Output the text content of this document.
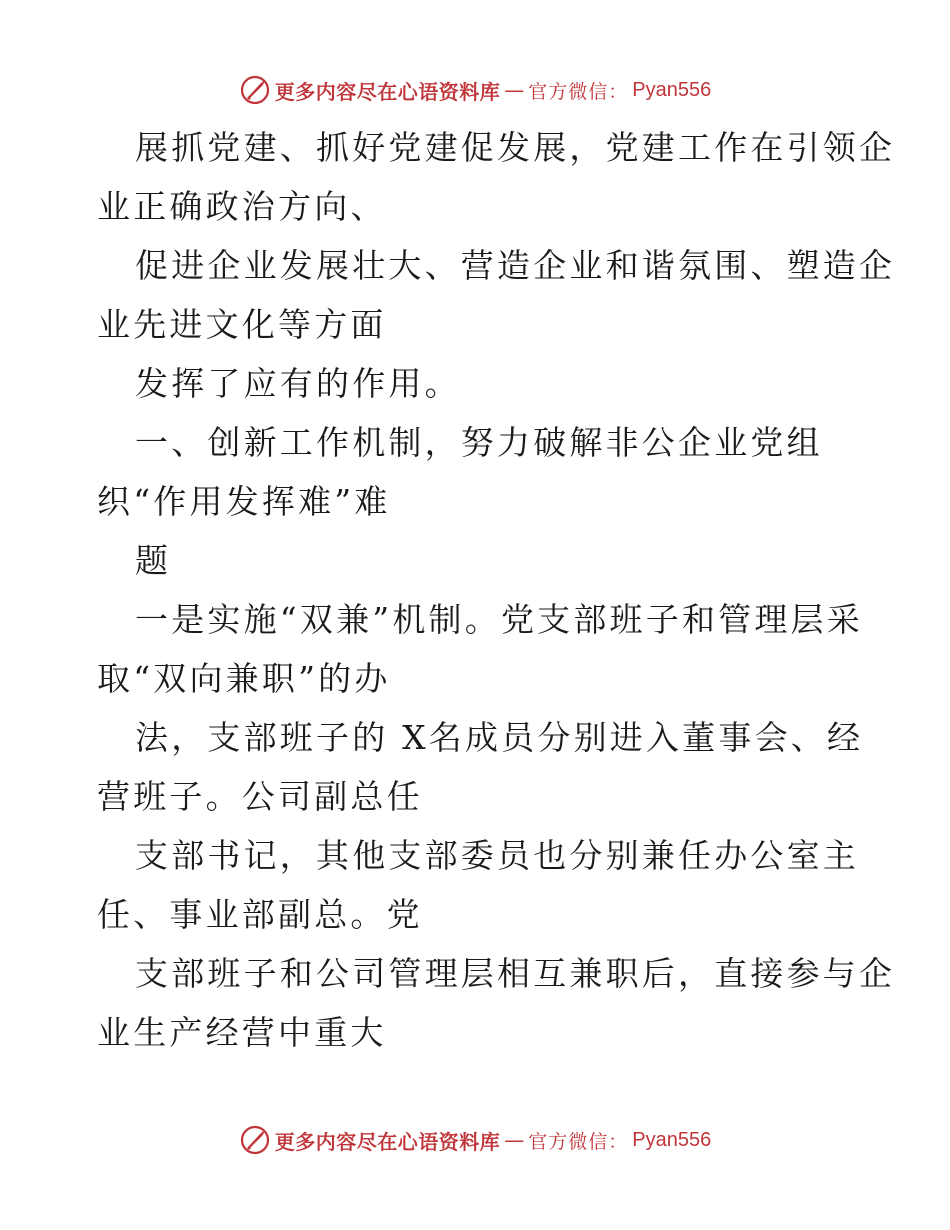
更多内容尽在心语资料库 — 官方微信： Pyan556
展抓党建、抓好党建促发展，党建工作在引领企
业正确政治方向、
促进企业发展壮大、营造企业和谐氛围、塑造企
业先进文化等方面
发挥了应有的作用。
一、创新工作机制，努力破解非公企业党组
织“作用发挥难”难
题
一是实施“双兼”机制。党支部班子和管理层采
取“双向兼职”的办
法，支部班子的 X名成员分别进入董事会、经
营班子。公司副总任
支部书记，其他支部委员也分别兼任办公室主
任、事业部副总。党
支部班子和公司管理层相互兼职后，直接参与企
业生产经营中重大
更多内容尽在心语资料库 — 官方微信： Pyan556
